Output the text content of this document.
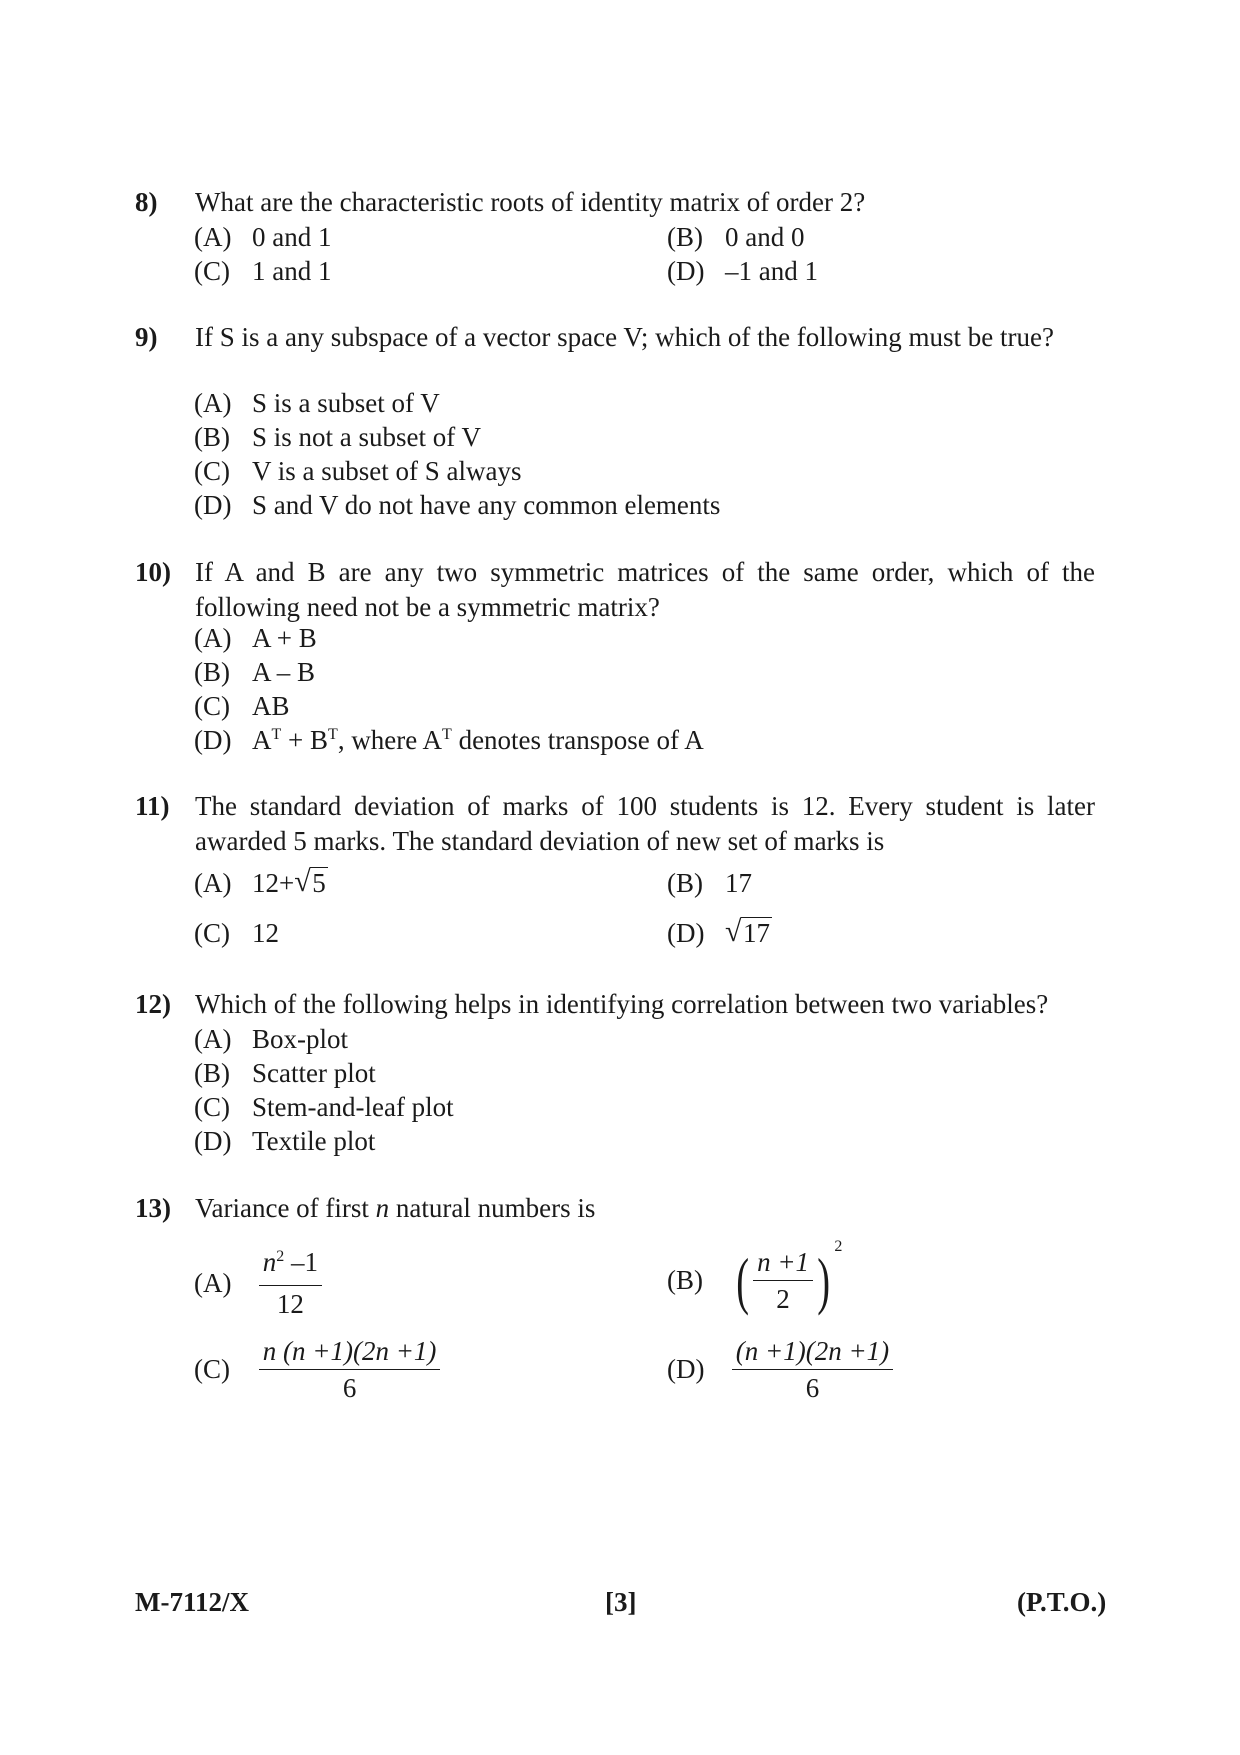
8) What are the characteristic roots of identity matrix of order 2?
(A) 0 and 1	(B) 0 and 0
(C) 1 and 1	(D) –1 and 1
9) If S is a any subspace of a vector space V; which of the following must be true?
(A) S is a subset of V
(B) S is not a subset of V
(C) V is a subset of S always
(D) S and V do not have any common elements
10) If A and B are any two symmetric matrices of the same order, which of the following need not be a symmetric matrix?
(A) A + B
(B) A – B
(C) AB
(D) $A^T + B^T$, where $A^T$ denotes transpose of A
11) The standard deviation of marks of 100 students is 12. Every student is later awarded 5 marks. The standard deviation of new set of marks is
(A) 12+ √ 5	(B) 17
(C) 12	(D) √ 17
12) Which of the following helps in identifying correlation between two variables?
(A) Box-plot
(B) Scatter plot
(C) Stem-and-leaf plot
(D) Textile plot
13) Variance of first n natural numbers is
$(A) \frac{n^2 -1}{12}$	(B) ( $\frac{n +1}{2}$ ) $^2$
$(C) \frac{n (n +1)(2n +1)}{6}$	$(D) \frac{(n +1)(2n +1)}{6}$
M-7112/X	[3]	(P.T.O.)
